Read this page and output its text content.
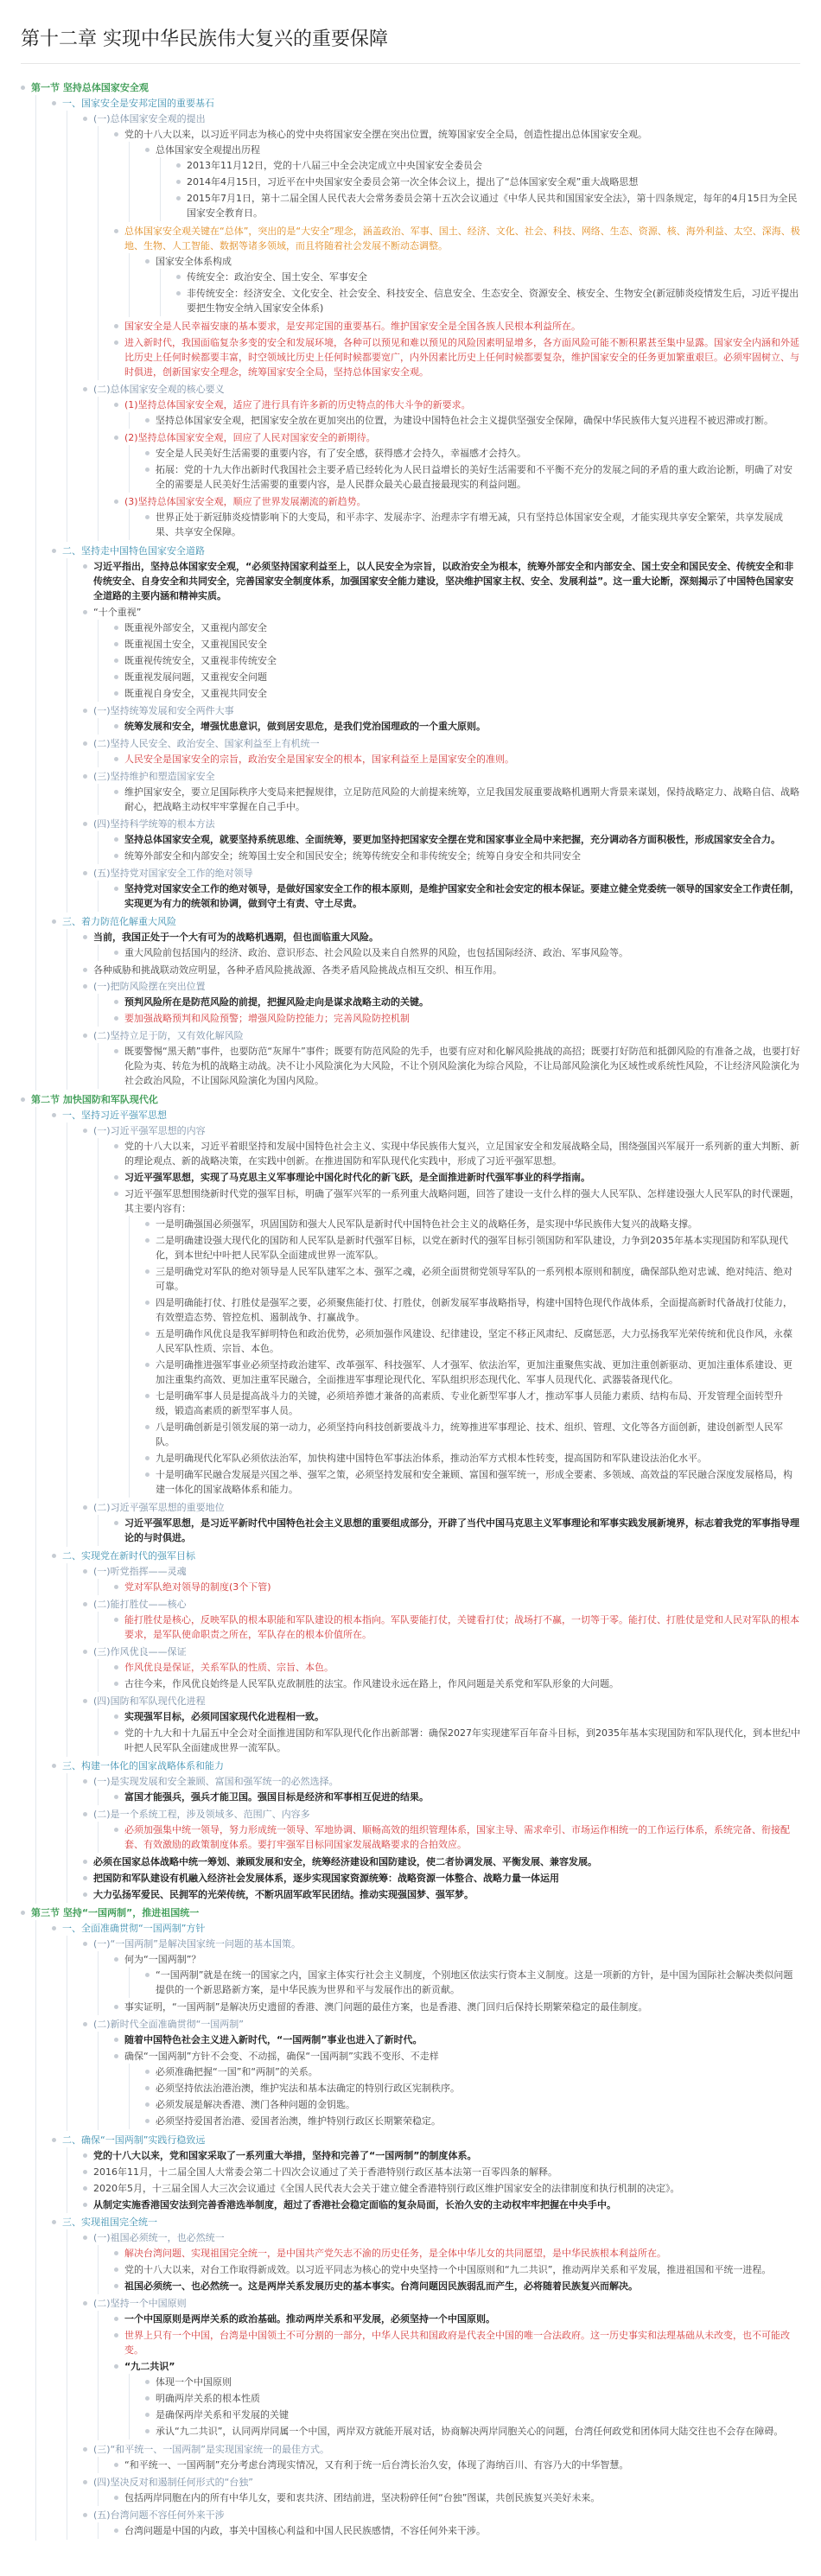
第十二章 实现中华民族伟大复兴的重要保障
第一节 坚持总体国家安全观
一、国家安全是安邦定国的重要基石
(一)总体国家安全观的提出
党的十八大以来，以习近平同志为核心的党中央将国家安全摆在突出位置，统筹国家安全全局，创造性提出总体国家安全观。
总体国家安全观提出历程
2013年11月12日，党的十八届三中全会决定成立中央国家安全委员会
2014年4月15日，习近平在中央国家安全委员会第一次全体会议上，提出了“总体国家安全观”重大战略思想
2015年7月1日，第十二届全国人民代表大会常务委员会第十五次会议通过《中华人民共和国国家安全法》，第十四条规定，每年的4月15日为全民国家安全教育日。
总体国家安全观关键在“总体”，突出的是“大安全”理念，涵盖政治、军事、国土、经济、文化、社会、科技、网络、生态、资源、核、海外利益、太空、深海、极地、生物、人工智能、数据等诸多领域，而且将随着社会发展不断动态调整。
国家安全体系构成
传统安全：政治安全、国土安全、军事安全
非传统安全：经济安全、文化安全、社会安全、科技安全、信息安全、生态安全、资源安全、核安全、生物安全(新冠肺炎疫情发生后，习近平提出要把生物安全纳入国家安全体系)
国家安全是人民幸福安康的基本要求，是安邦定国的重要基石。维护国家安全是全国各族人民根本利益所在。
进入新时代，我国面临复杂多变的安全和发展环境，各种可以预见和难以预见的风险因素明显增多，各方面风险可能不断积累甚至集中显露。国家安全内涵和外延比历史上任何时候都要丰富，时空领域比历史上任何时候都要宽广，内外因素比历史上任何时候都要复杂，维护国家安全的任务更加繁重艰巨。必须牢固树立、与时俱进，创新国家安全理念，统筹国家安全全局，坚持总体国家安全观。
(二)总体国家安全观的核心要义
(1)坚持总体国家安全观，适应了进行具有许多新的历史特点的伟大斗争的新要求。
坚持总体国家安全观，把国家安全放在更加突出的位置，为建设中国特色社会主义提供坚强安全保障，确保中华民族伟大复兴进程不被迟滞或打断。
(2)坚持总体国家安全观，回应了人民对国家安全的新期待。
安全是人民美好生活需要的重要内容，有了安全感，获得感才会持久，幸福感才会持久。
拓展：党的十九大作出新时代我国社会主要矛盾已经转化为人民日益增长的美好生活需要和不平衡不充分的发展之间的矛盾的重大政治论断，明确了对安全的需要是人民美好生活需要的重要内容，是人民群众最关心最直接最现实的利益问题。
(3)坚持总体国家安全观，顺应了世界发展潮流的新趋势。
世界正处于新冠肺炎疫情影响下的大变局，和平赤字、发展赤字、治理赤字有增无减，只有坚持总体国家安全观，才能实现共享安全繁荣，共享发展成果、共享安全保障。
二、坚持走中国特色国家安全道路
习近平指出，坚持总体国家安全观，“必须坚持国家利益至上，以人民安全为宗旨，以政治安全为根本，统筹外部安全和内部安全、国土安全和国民安全、传统安全和非传统安全、自身安全和共同安全，完善国家安全制度体系，加强国家安全能力建设，坚决维护国家主权、安全、发展利益”。这一重大论断，深刻揭示了中国特色国家安全道路的主要内涵和精神实质。
“十个重视”
既重视外部安全，又重视内部安全
既重视国土安全，又重视国民安全
既重视传统安全，又重视非传统安全
既重视发展问题，又重视安全问题
既重视自身安全，又重视共同安全
(一)坚持统筹发展和安全两件大事
统筹发展和安全，增强忧患意识，做到居安思危，是我们党治国理政的一个重大原则。
(二)坚持人民安全、政治安全、国家利益至上有机统一
人民安全是国家安全的宗旨，政治安全是国家安全的根本，国家利益至上是国家安全的准则。
(三)坚持维护和塑造国家安全
维护国家安全，要立足国际秩序大变局来把握规律，立足防范风险的大前提来统筹，立足我国发展重要战略机遇期大背景来谋划，保持战略定力、战略自信、战略耐心，把战略主动权牢牢掌握在自己手中。
(四)坚持科学统筹的根本方法
坚持总体国家安全观，就要坚持系统思维、全面统筹，要更加坚持把国家安全摆在党和国家事业全局中来把握，充分调动各方面积极性，形成国家安全合力。
统筹外部安全和内部安全；统筹国土安全和国民安全；统筹传统安全和非传统安全；统筹自身安全和共同安全
(五)坚持党对国家安全工作的绝对领导
坚持党对国家安全工作的绝对领导，是做好国家安全工作的根本原则，是维护国家安全和社会安定的根本保证。要建立健全党委统一领导的国家安全工作责任制，实现更为有力的统领和协调，做到守土有责、守土尽责。
三、着力防范化解重大风险
当前，我国正处于一个大有可为的战略机遇期，但也面临重大风险。
重大风险前包括国内的经济、政治、意识形态、社会风险以及来自自然界的风险，也包括国际经济、政治、军事风险等。
各种威胁和挑战联动效应明显，各种矛盾风险挑战源、各类矛盾风险挑战点相互交织、相互作用。
(一)把防风险摆在突出位置
预判风险所在是防范风险的前提，把握风险走向是谋求战略主动的关键。
要加强战略预判和风险预警；增强风险防控能力；完善风险防控机制
(二)坚持立足于防，又有效化解风险
既要警惕“黑天鹅”事件，也要防范“灰犀牛”事件；既要有防范风险的先手，也要有应对和化解风险挑战的高招；既要打好防范和抵御风险的有准备之战，也要打好化险为夷、转危为机的战略主动战。决不让小风险演化为大风险，不让个别风险演化为综合风险，不让局部风险演化为区域性或系统性风险，不让经济风险演化为社会政治风险，不让国际风险演化为国内风险。
第二节 加快国防和军队现代化
一、坚持习近平强军思想
(一)习近平强军思想的内容
党的十八大以来，习近平着眼坚持和发展中国特色社会主义、实现中华民族伟大复兴，立足国家安全和发展战略全局，围绕强国兴军展开一系列新的重大判断、新的理论观点、新的战略决策，在实践中创新。在推进国防和军队现代化实践中，形成了习近平强军思想。
习近平强军思想，实现了马克思主义军事理论中国化时代化的新飞跃，是全面推进新时代强军事业的科学指南。
习近平强军思想围绕新时代党的强军目标，明确了强军兴军的一系列重大战略问题，回答了建设一支什么样的强大人民军队、怎样建设强大人民军队的时代课题，其主要内容有：
一是明确强国必须强军，巩固国防和强大人民军队是新时代中国特色社会主义的战略任务，是实现中华民族伟大复兴的战略支撑。
二是明确建设强大现代化的国防和人民军队是新时代强军目标，以党在新时代的强军目标引领国防和军队建设，力争到2035年基本实现国防和军队现代化，到本世纪中叶把人民军队全面建成世界一流军队。
三是明确党对军队的绝对领导是人民军队建军之本、强军之魂，必须全面贯彻党领导军队的一系列根本原则和制度，确保部队绝对忠诚、绝对纯洁、绝对可靠。
四是明确能打仗、打胜仗是强军之要，必须聚焦能打仗、打胜仗，创新发展军事战略指导，构建中国特色现代作战体系，全面提高新时代备战打仗能力，有效塑造态势、管控危机、遏制战争、打赢战争。
五是明确作风优良是我军鲜明特色和政治优势，必须加强作风建设、纪律建设，坚定不移正风肃纪、反腐惩恶，大力弘扬我军光荣传统和优良作风，永葆人民军队性质、宗旨、本色。
六是明确推进强军事业必须坚持政治建军、改革强军、科技强军、人才强军、依法治军，更加注重聚焦实战、更加注重创新驱动、更加注重体系建设、更加注重集约高效、更加注重军民融合，全面推进军事理论现代化、军队组织形态现代化、军事人员现代化、武器装备现代化。
七是明确军事人员是提高战斗力的关键，必须培养德才兼备的高素质、专业化新型军事人才，推动军事人员能力素质、结构布局、开发管理全面转型升级，锻造高素质的新型军事人员。
八是明确创新是引领发展的第一动力，必须坚持向科技创新要战斗力，统筹推进军事理论、技术、组织、管理、文化等各方面创新，建设创新型人民军队。
九是明确现代化军队必须依法治军，加快构建中国特色军事法治体系，推动治军方式根本性转变，提高国防和军队建设法治化水平。
十是明确军民融合发展是兴国之举、强军之策，必须坚持发展和安全兼顾、富国和强军统一，形成全要素、多领域、高效益的军民融合深度发展格局，构建一体化的国家战略体系和能力。
(二)习近平强军思想的重要地位
习近平强军思想，是习近平新时代中国特色社会主义思想的重要组成部分，开辟了当代中国马克思主义军事理论和军事实践发展新境界，标志着我党的军事指导理论的与时俱进。
二、实现党在新时代的强军目标
(一)听党指挥——灵魂
党对军队绝对领导的制度(3个下管)
(二)能打胜仗——核心
能打胜仗是核心，反映军队的根本职能和军队建设的根本指向。军队要能打仗，关键看打仗；战场打不赢，一切等于零。能打仗、打胜仗是党和人民对军队的根本要求，是军队使命职责之所在，军队存在的根本价值所在。
(三)作风优良——保证
作风优良是保证，关系军队的性质、宗旨、本色。
古往今来，作风优良始终是人民军队克敌制胜的法宝。作风建设永远在路上，作风问题是关系党和军队形象的大问题。
(四)国防和军队现代化进程
实现强军目标，必须同国家现代化进程相一致。
党的十九大和十九届五中全会对全面推进国防和军队现代化作出新部署：确保2027年实现建军百年奋斗目标，到2035年基本实现国防和军队现代化，到本世纪中叶把人民军队全面建成世界一流军队。
三、构建一体化的国家战略体系和能力
(一)是实现发展和安全兼顾、富国和强军统一的必然选择。
富国才能强兵，强兵才能卫国。强国目标是经济和军事相互促进的结果。
(二)是一个系统工程，涉及领域多、范围广、内容多
必须加强集中统一领导，努力形成统一领导、军地协调、顺畅高效的组织管理体系，国家主导、需求牵引、市场运作相统一的工作运行体系，系统完备、衔接配套、有效激励的政策制度体系。要打牢强军目标同国家发展战略要求的合拍效应。
必须在国家总体战略中统一筹划、兼顾发展和安全，统筹经济建设和国防建设，使二者协调发展、平衡发展、兼容发展。
把国防和军队建设有机融入经济社会发展体系，逐步实现国家资源统筹：战略资源一体整合、战略力量一体运用
大力弘扬军爱民、民拥军的光荣传统，不断巩固军政军民团结。推动实现强国梦、强军梦。
第三节 坚持“一国两制”，推进祖国统一
一、全面准确贯彻“一国两制”方针
(一)“一国两制”是解决国家统一问题的基本国策。
何为“一国两制”？
“一国两制”就是在统一的国家之内，国家主体实行社会主义制度，个别地区依法实行资本主义制度。这是一项新的方针，是中国为国际社会解决类似问题提供的一个新思路新方案，是中华民族为世界和平与发展作出的新贡献。
事实证明，“一国两制”是解决历史遗留的香港、澳门问题的最佳方案，也是香港、澳门回归后保持长期繁荣稳定的最佳制度。
(二)新时代全面准确贯彻“一国两制”
随着中国特色社会主义进入新时代，“一国两制”事业也进入了新时代。
确保“一国两制”方针不会变、不动摇，确保“一国两制”实践不变形、不走样
必须准确把握“一国”和“两制”的关系。
必须坚持依法治港治澳，维护宪法和基本法确定的特别行政区宪制秩序。
必须发展是解决香港、澳门各种问题的金钥匙。
必须坚持爱国者治港、爱国者治澳，维护特别行政区长期繁荣稳定。
二、确保“一国两制”实践行稳致远
党的十八大以来，党和国家采取了一系列重大举措，坚持和完善了“一国两制”的制度体系。
2016年11月，十二届全国人大常委会第二十四次会议通过了关于香港特别行政区基本法第一百零四条的解释。
2020年5月，十三届全国人大三次会议通过《全国人民代表大会关于建立健全香港特别行政区维护国家安全的法律制度和执行机制的决定》。
从制定实施香港国安法到完善香港选举制度，超过了香港社会稳定面临的复杂局面，长治久安的主动权牢牢把握在中央手中。
三、实现祖国完全统一
(一)祖国必须统一，也必然统一
解决台湾问题、实现祖国完全统一，是中国共产党矢志不渝的历史任务，是全体中华儿女的共同愿望，是中华民族根本利益所在。
党的十八大以来，对台工作取得新成效。以习近平同志为核心的党中央坚持一个中国原则和“九二共识”，推动两岸关系和平发展，推进祖国和平统一进程。
祖国必须统一、也必然统一。这是两岸关系发展历史的基本事实。台湾问题因民族弱乱而产生，必将随着民族复兴而解决。
(二)坚持一个中国原则
一个中国原则是两岸关系的政治基础。推动两岸关系和平发展，必须坚持一个中国原则。
世界上只有一个中国，台湾是中国领土不可分割的一部分，中华人民共和国政府是代表全中国的唯一合法政府。这一历史事实和法理基础从未改变，也不可能改变。
“九二共识”
体现一个中国原则
明确两岸关系的根本性质
是确保两岸关系和平发展的关键
承认“九二共识”，认同两岸同属一个中国，两岸双方就能开展对话，协商解决两岸同胞关心的问题，台湾任何政党和团体同大陆交往也不会存在障碍。
(三)“和平统一、一国两制”是实现国家统一的最佳方式。
“和平统一、一国两制”充分考虑台湾现实情况，又有利于统一后台湾长治久安，体现了海纳百川、有容乃大的中华智慧。
(四)坚决反对和遏制任何形式的“台独”
包括两岸同胞在内的所有中华儿女，要和衷共济、团结前进，坚决粉碎任何“台独”图谋，共创民族复兴美好未来。
(五)台湾问题不容任何外来干涉
台湾问题是中国的内政，事关中国核心利益和中国人民民族感情，不容任何外来干涉。
